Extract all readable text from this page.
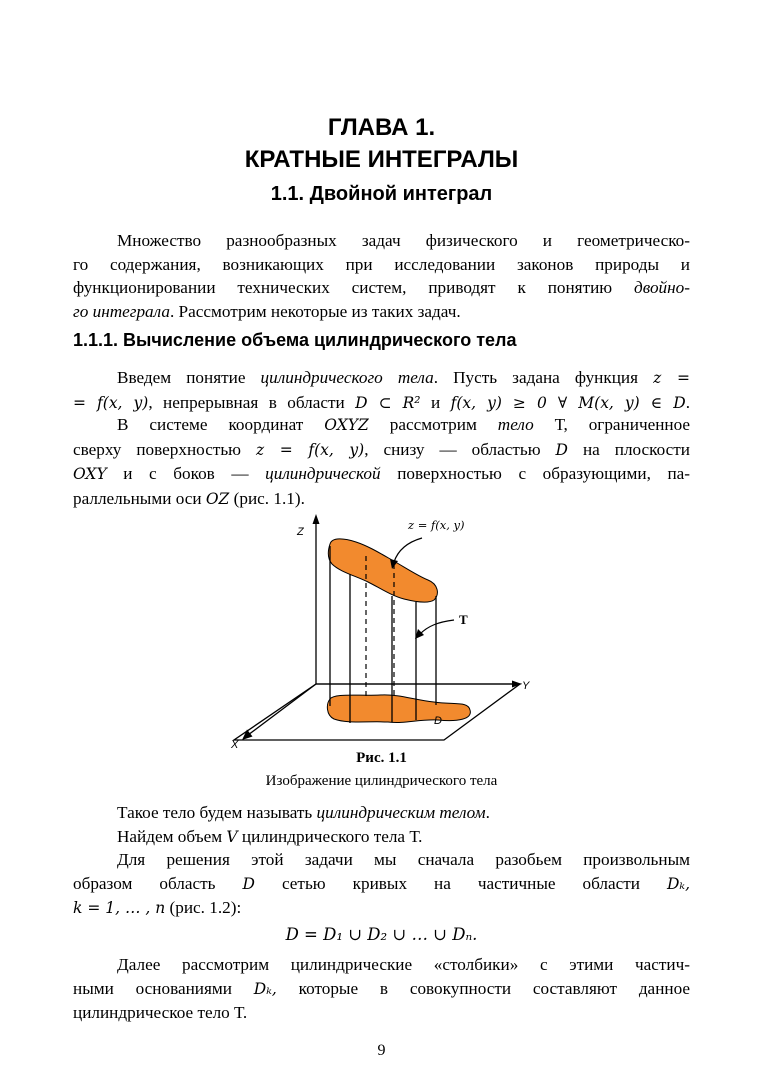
ГЛАВА 1.
КРАТНЫЕ ИНТЕГРАЛЫ
1.1. Двойной интеграл
Множество разнообразных задач физического и геометрическо-
го содержания, возникающих при исследовании законов природы и
функционировании технических систем, приводят к понятию двойно-
го интеграла. Рассмотрим некоторые из таких задач.
1.1.1. Вычисление объема цилиндрического тела
Введем понятие цилиндрического тела. Пусть задана функция z =
= f(x, y), непрерывная в области D ⊂ R² и f(x, y) ≥ 0 ∀ M(x, y) ∈ D.
В системе координат OXYZ рассмотрим тело Т, ограниченное
сверху поверхностью z = f(x, y), снизу — областью D на плоскости
OXY и с боков — цилиндрической поверхностью с образующими, па-
раллельными оси OZ (рис. 1.1).
Z
Y
X
D
Т
z = f(x, y)
Рис. 1.1
Изображение цилиндрического тела
Такое тело будем называть цилиндрическим телом.
Найдем объем V цилиндрического тела Т.
Для решения этой задачи мы сначала разобьем произвольным
образом область D сетью кривых на частичные области Dₖ,
k = 1, … , n (рис. 1.2):
D = D₁ ∪ D₂ ∪ … ∪ Dₙ.
Далее рассмотрим цилиндрические «столбики» с этими частич-
ными основаниями Dₖ, которые в совокупности составляют данное
цилиндрическое тело Т.
9
